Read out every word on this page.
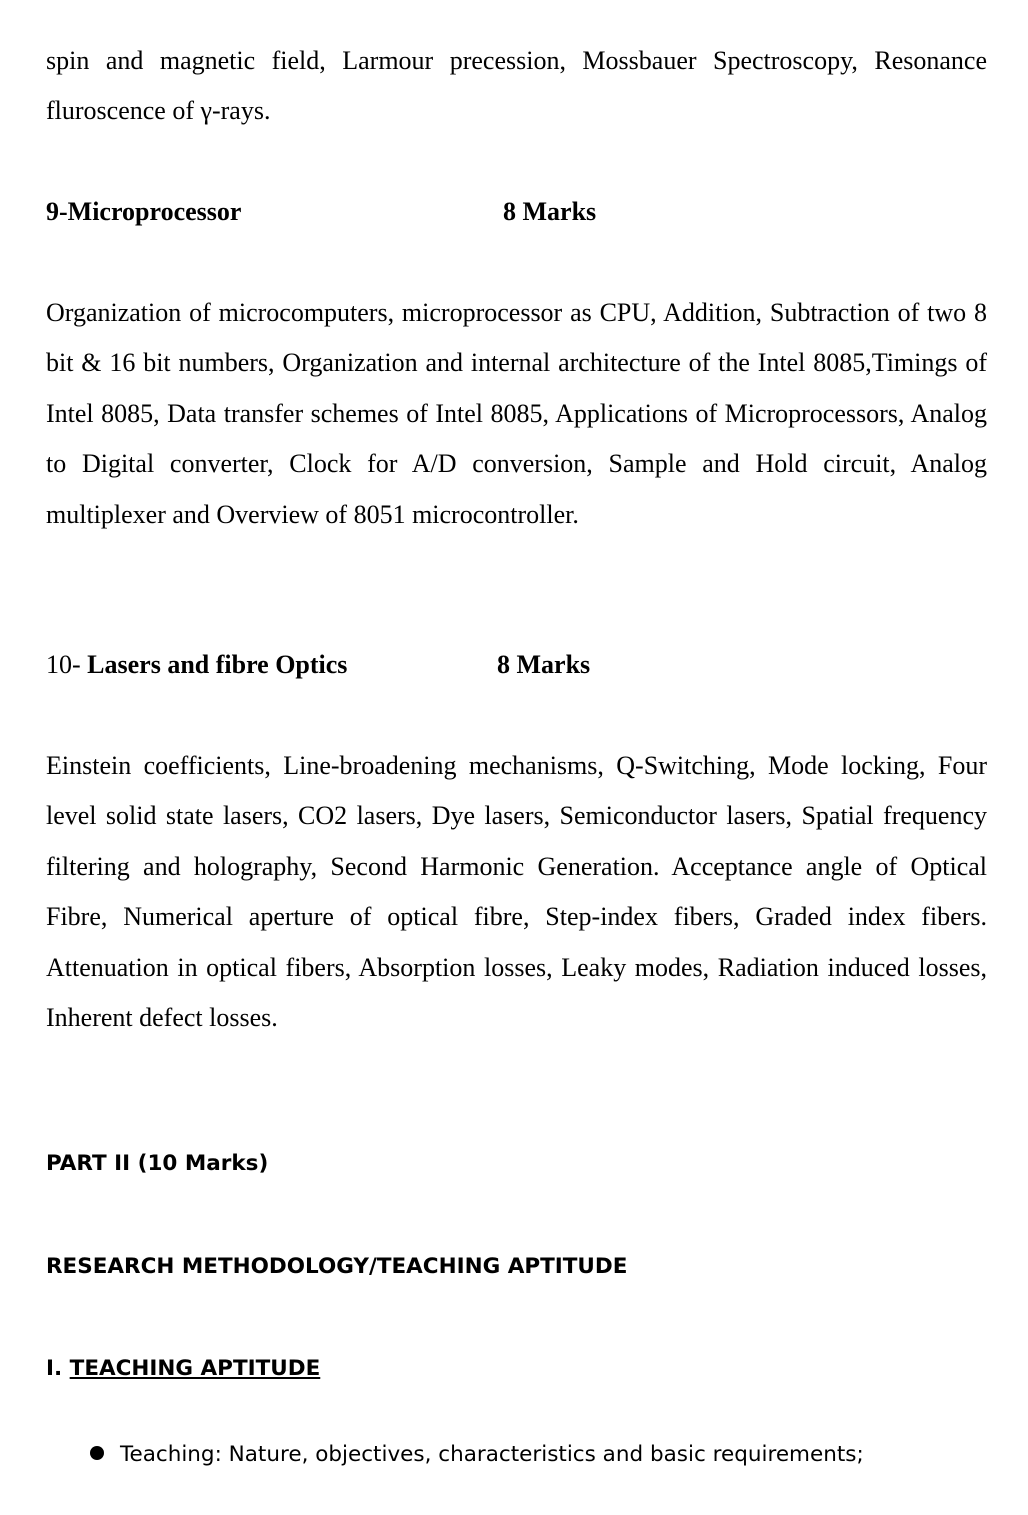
spin and magnetic field, Larmour precession, Mossbauer Spectroscopy, Resonance fluroscence of γ-rays.

9-Microprocessor	8 Marks

Organization of microcomputers, microprocessor as CPU, Addition, Subtraction of two 8 bit & 16 bit numbers, Organization and internal architecture of the Intel 8085,Timings of Intel 8085, Data transfer schemes of Intel 8085, Applications of Microprocessors, Analog to Digital converter, Clock for A/D conversion, Sample and Hold circuit, Analog multiplexer and Overview of 8051 microcontroller.

10- Lasers and fibre Optics	8 Marks

Einstein coefficients, Line-broadening mechanisms, Q-Switching, Mode locking, Four level solid state lasers, CO2 lasers, Dye lasers, Semiconductor lasers, Spatial frequency filtering and holography, Second Harmonic Generation. Acceptance angle of Optical Fibre, Numerical aperture of optical fibre, Step-index fibers, Graded index fibers. Attenuation in optical fibers, Absorption losses, Leaky modes, Radiation induced losses, Inherent defect losses.

PART II (10 Marks)
RESEARCH METHODOLOGY/TEACHING APTITUDE
I. TEACHING APTITUDE
Teaching: Nature, objectives, characteristics and basic requirements;
